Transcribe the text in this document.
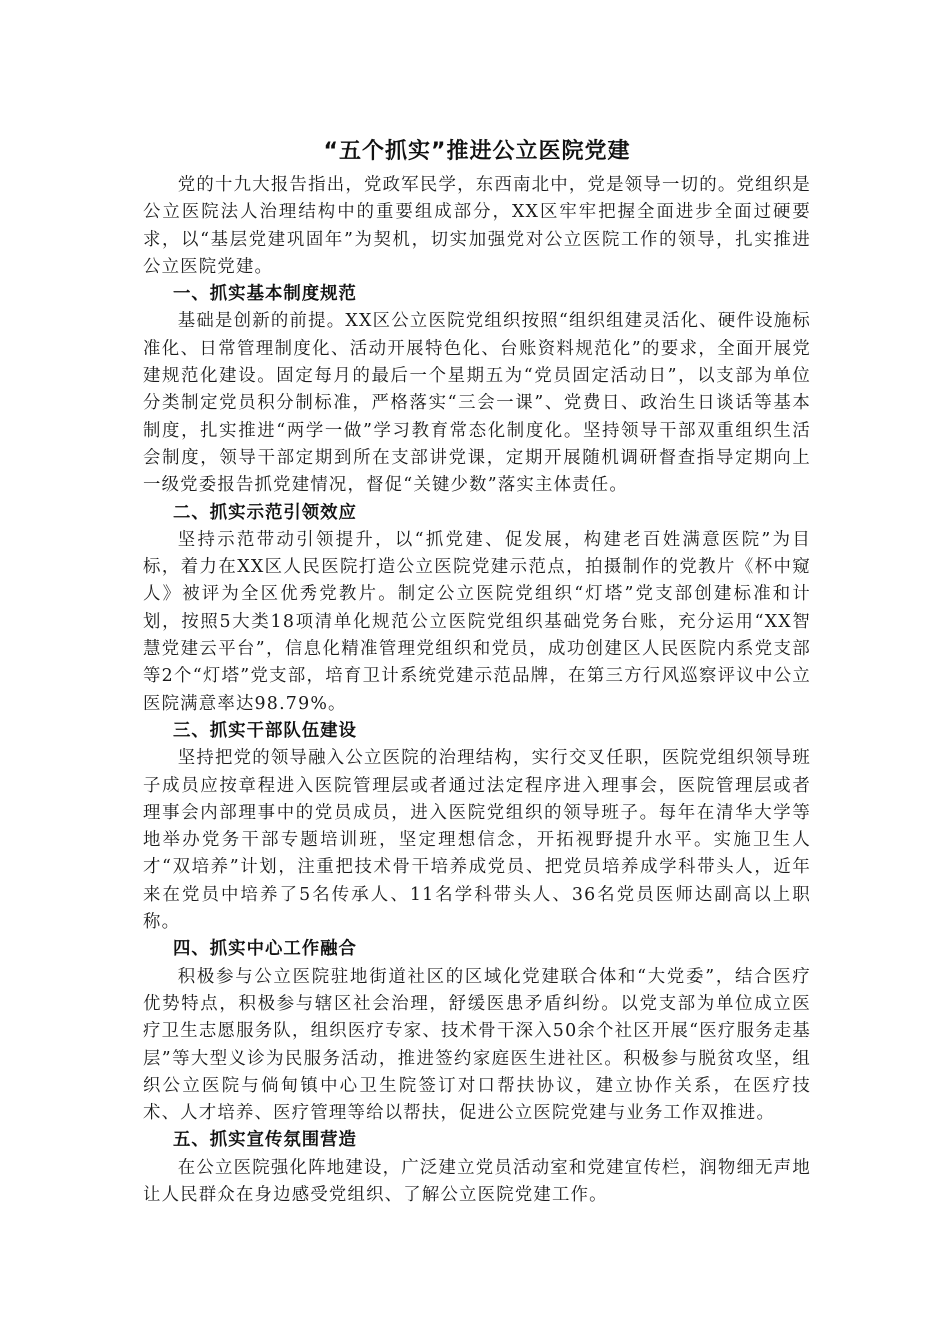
“五个抓实”推进公立医院党建

党的十九大报告指出，党政军民学，东西南北中，党是领导一切的。党组织是公立医院法人治理结构中的重要组成部分，XX区牢牢把握全面进步全面过硬要求，以“基层党建巩固年”为契机，切实加强党对公立医院工作的领导，扎实推进公立医院党建。

一、抓实基本制度规范

基础是创新的前提。XX区公立医院党组织按照“组织组建灵活化、硬件设施标准化、日常管理制度化、活动开展特色化、台账资料规范化”的要求，全面开展党建规范化建设。固定每月的最后一个星期五为“党员固定活动日”，以支部为单位分类制定党员积分制标准，严格落实“三会一课”、党费日、政治生日谈话等基本制度，扎实推进“两学一做”学习教育常态化制度化。坚持领导干部双重组织生活会制度，领导干部定期到所在支部讲党课，定期开展随机调研督查指导定期向上一级党委报告抓党建情况，督促“关键少数”落实主体责任。

二、抓实示范引领效应

坚持示范带动引领提升，以“抓党建、促发展，构建老百姓满意医院”为目标，着力在XX区人民医院打造公立医院党建示范点，拍摄制作的党教片《杯中窥人》被评为全区优秀党教片。制定公立医院党组织“灯塔”党支部创建标准和计划，按照5大类18项清单化规范公立医院党组织基础党务台账，充分运用“XX智慧党建云平台”，信息化精准管理党组织和党员，成功创建区人民医院内系党支部等2个“灯塔”党支部，培育卫计系统党建示范品牌，在第三方行风巡察评议中公立医院满意率达98.79%。

三、抓实干部队伍建设

坚持把党的领导融入公立医院的治理结构，实行交叉任职，医院党组织领导班子成员应按章程进入医院管理层或者通过法定程序进入理事会，医院管理层或者理事会内部理事中的党员成员，进入医院党组织的领导班子。每年在清华大学等地举办党务干部专题培训班，坚定理想信念，开拓视野提升水平。实施卫生人才“双培养”计划，注重把技术骨干培养成党员、把党员培养成学科带头人，近年来在党员中培养了5名传承人、11名学科带头人、36名党员医师达副高以上职称。

四、抓实中心工作融合

积极参与公立医院驻地街道社区的区域化党建联合体和“大党委”，结合医疗优势特点，积极参与辖区社会治理，舒缓医患矛盾纠纷。以党支部为单位成立医疗卫生志愿服务队，组织医疗专家、技术骨干深入50余个社区开展“医疗服务走基层”等大型义诊为民服务活动，推进签约家庭医生进社区。积极参与脱贫攻坚，组织公立医院与倘甸镇中心卫生院签订对口帮扶协议，建立协作关系，在医疗技术、人才培养、医疗管理等给以帮扶，促进公立医院党建与业务工作双推进。

五、抓实宣传氛围营造

在公立医院强化阵地建设，广泛建立党员活动室和党建宣传栏，润物细无声地让人民群众在身边感受党组织、了解公立医院党建工作。
